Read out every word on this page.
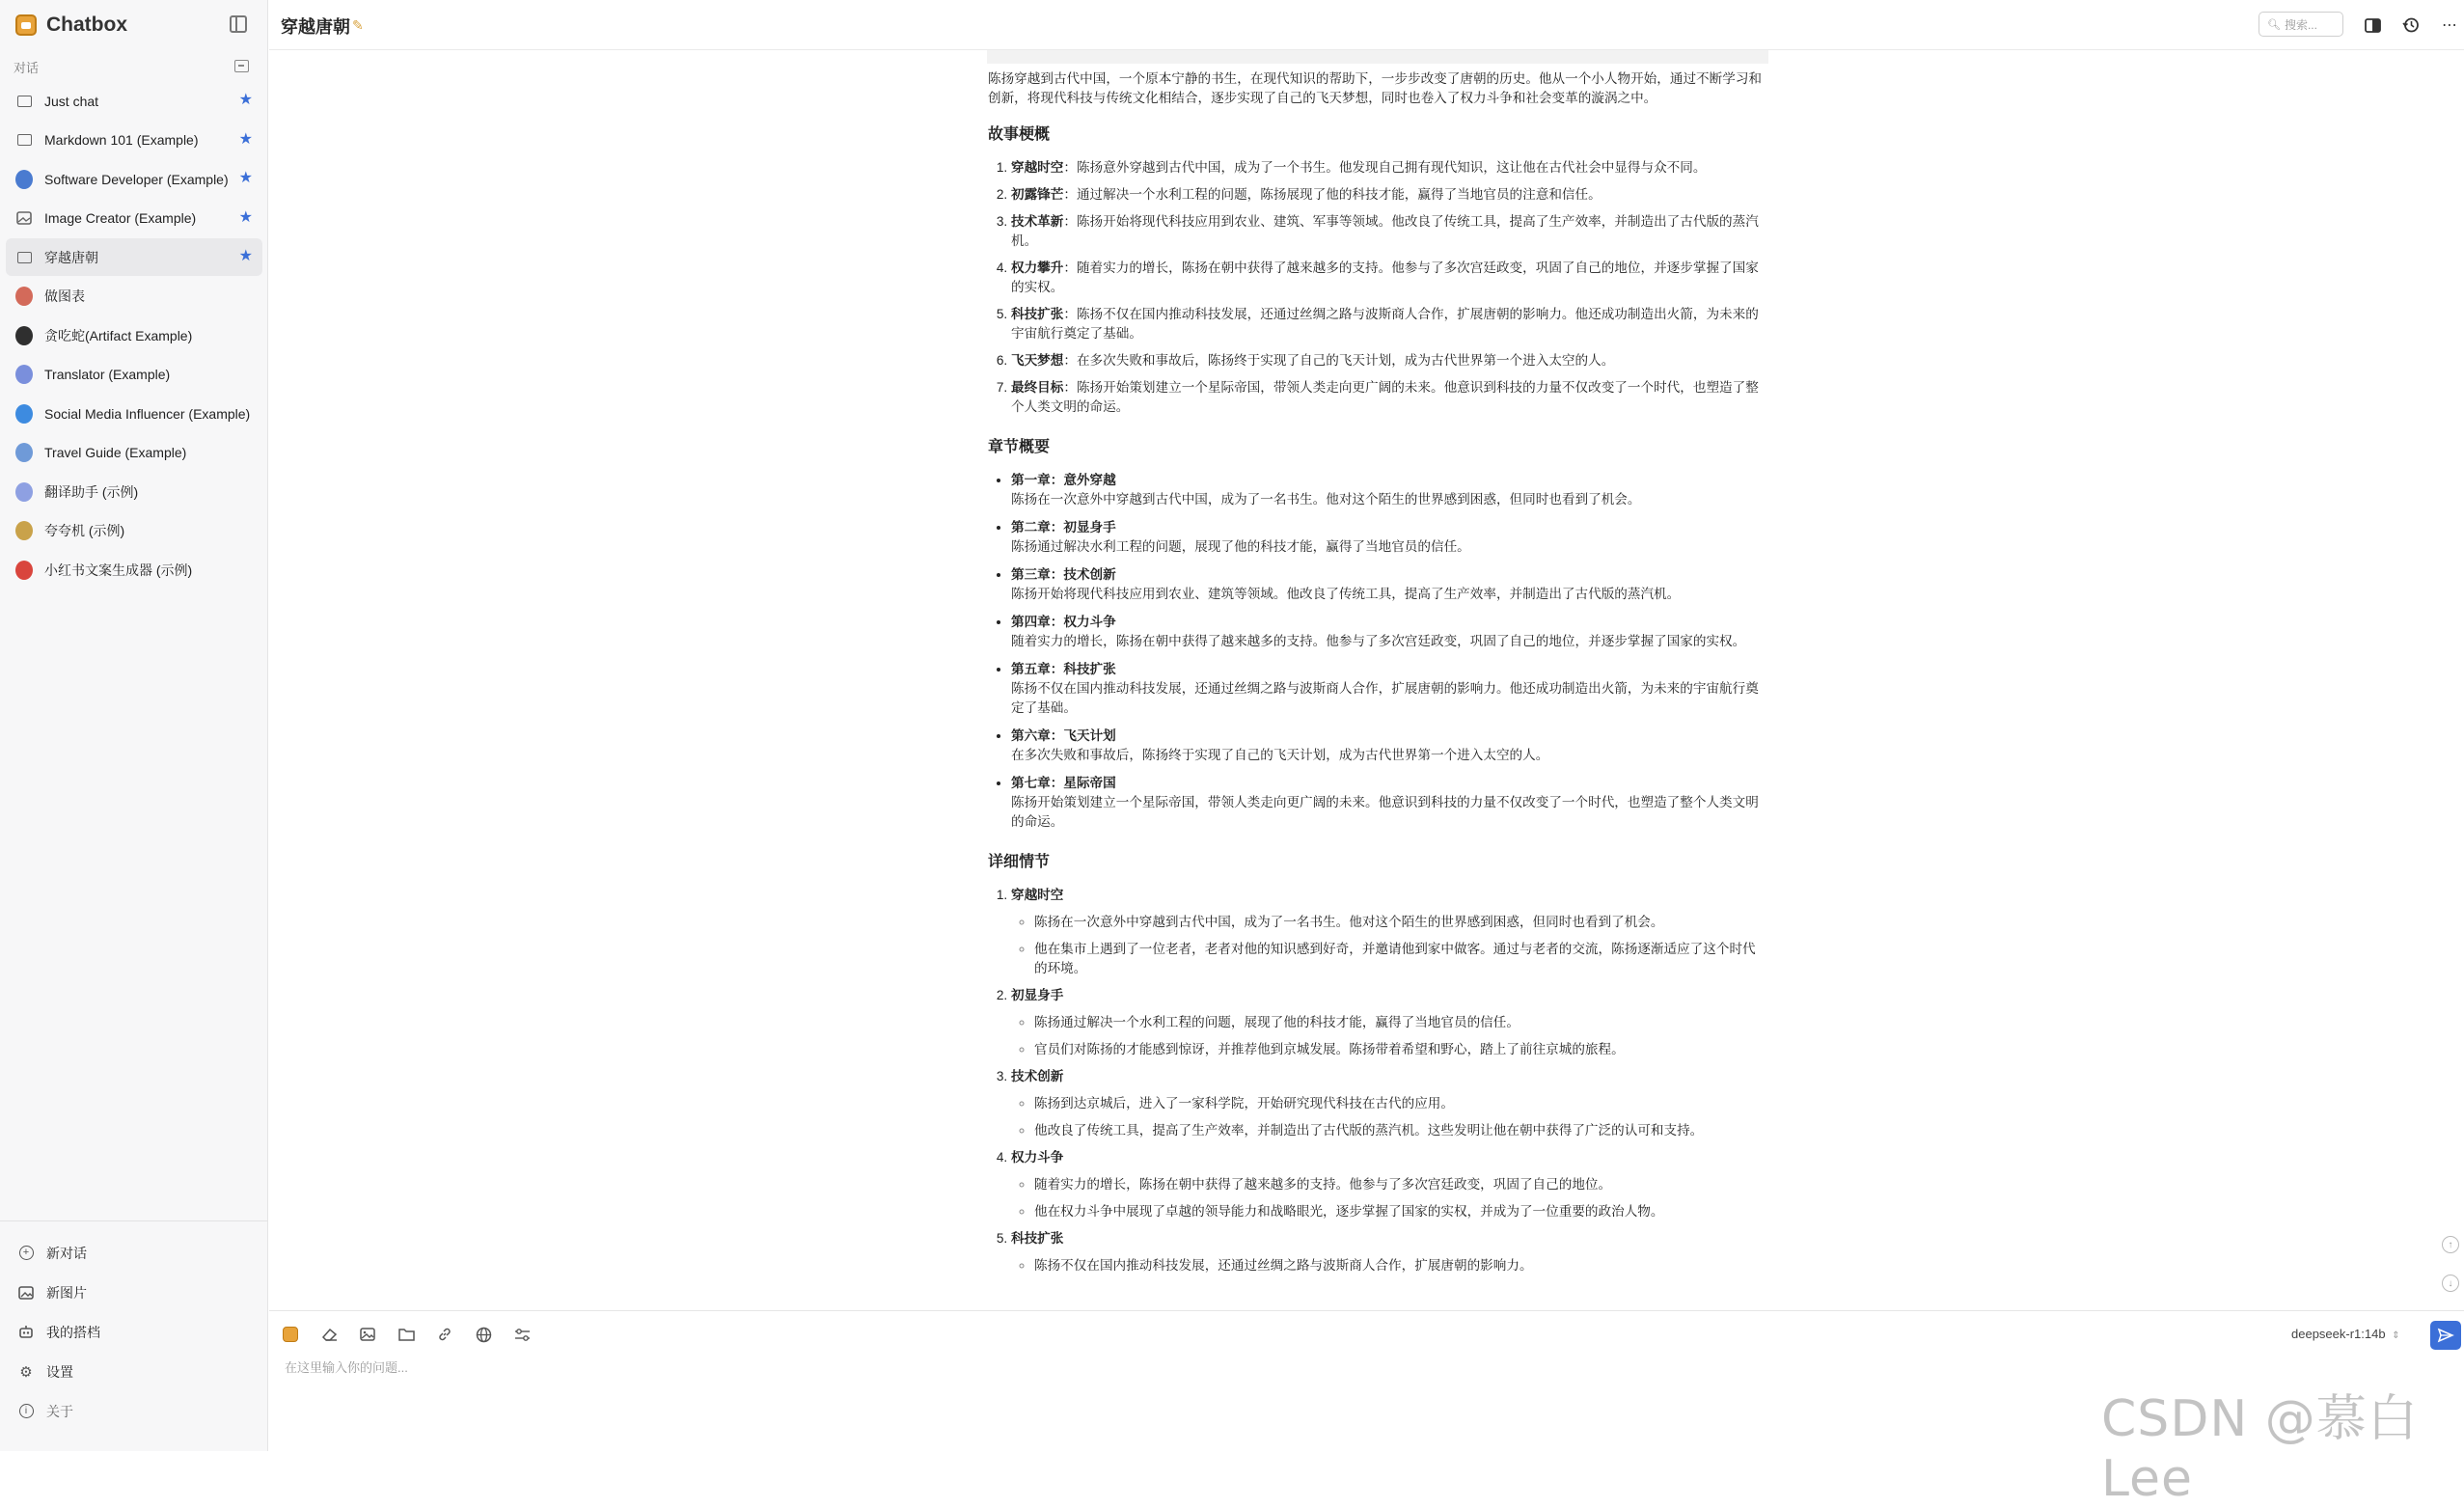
Chatbox
对话
Just chat	★
Markdown 101 (Example)	★
Software Developer (Example) ★
Image Creator (Example)	★
穿越唐朝	★
做图表
贪吃蛇(Artifact Example)
Translator (Example)
Social Media Influencer (Example)
Travel Guide (Example)
翻译助手 (示例)
夸夸机 (示例)
小红书文案生成器 (示例)
+	新对话
新图片
我的搭档
⚙ 设置
i	关于
穿越唐朝 ✎	🔍︎ 搜索...	⋯

陈扬穿越到古代中国，一个原本宁静的书生，在现代知识的帮助下，一步步改变了唐朝的历史。他从一个小人物开始，通过不断学习和创新，将现代科技与传统文化相结合，逐步实现了自己的飞天梦想，同时也卷入了权力斗争和社会变革的漩涡之中。

故事梗概
1. 穿越时空：陈扬意外穿越到古代中国，成为了一个书生。他发现自己拥有现代知识，这让他在古代社会中显得与众不同。
2. 初露锋芒：通过解决一个水利工程的问题，陈扬展现了他的科技才能，赢得了当地官员的注意和信任。
3. 技术革新：陈扬开始将现代科技应用到农业、建筑、军事等领域。他改良了传统工具，提高了生产效率，并制造出了古代版的蒸汽机。
4. 权力攀升：随着实力的增长，陈扬在朝中获得了越来越多的支持。他参与了多次宫廷政变，巩固了自己的地位，并逐步掌握了国家的实权。
5. 科技扩张：陈扬不仅在国内推动科技发展，还通过丝绸之路与波斯商人合作，扩展唐朝的影响力。他还成功制造出火箭，为未来的宇宙航行奠定了基础。
6. 飞天梦想：在多次失败和事故后，陈扬终于实现了自己的飞天计划，成为古代世界第一个进入太空的人。
7. 最终目标：陈扬开始策划建立一个星际帝国，带领人类走向更广阔的未来。他意识到科技的力量不仅改变了一个时代，也塑造了整个人类文明的命运。
章节概要
• 第一章：意外穿越
陈扬在一次意外中穿越到古代中国，成为了一名书生。他对这个陌生的世界感到困惑，但同时也看到了机会。
• 第二章：初显身手
陈扬通过解决水利工程的问题，展现了他的科技才能，赢得了当地官员的信任。
• 第三章：技术创新
陈扬开始将现代科技应用到农业、建筑等领域。他改良了传统工具，提高了生产效率，并制造出了古代版的蒸汽机。
• 第四章：权力斗争
随着实力的增长，陈扬在朝中获得了越来越多的支持。他参与了多次宫廷政变，巩固了自己的地位，并逐步掌握了国家的实权。
• 第五章：科技扩张
陈扬不仅在国内推动科技发展，还通过丝绸之路与波斯商人合作，扩展唐朝的影响力。他还成功制造出火箭，为未来的宇宙航行奠定了基础。
• 第六章：飞天计划
在多次失败和事故后，陈扬终于实现了自己的飞天计划，成为古代世界第一个进入太空的人。
• 第七章：星际帝国
陈扬开始策划建立一个星际帝国，带领人类走向更广阔的未来。他意识到科技的力量不仅改变了一个时代，也塑造了整个人类文明的命运。
详细情节
1. 穿越时空
◦ 陈扬在一次意外中穿越到古代中国，成为了一名书生。他对这个陌生的世界感到困惑，但同时也看到了机会。
◦ 他在集市上遇到了一位老者，老者对他的知识感到好奇，并邀请他到家中做客。通过与老者的交流，陈扬逐渐适应了这个时代的环境。
2. 初显身手
◦ 陈扬通过解决一个水利工程的问题，展现了他的科技才能，赢得了当地官员的信任。
◦ 官员们对陈扬的才能感到惊讶，并推荐他到京城发展。陈扬带着希望和野心，踏上了前往京城的旅程。
3. 技术创新
◦ 陈扬到达京城后，进入了一家科学院，开始研究现代科技在古代的应用。
◦ 他改良了传统工具，提高了生产效率，并制造出了古代版的蒸汽机。这些发明让他在朝中获得了广泛的认可和支持。
4. 权力斗争
◦ 随着实力的增长，陈扬在朝中获得了越来越多的支持。他参与了多次宫廷政变，巩固了自己的地位。
◦ 他在权力斗争中展现了卓越的领导能力和战略眼光，逐步掌握了国家的实权，并成为了一位重要的政治人物。
5. 科技扩张
◦ 陈扬不仅在国内推动科技发展，还通过丝绸之路与波斯商人合作，扩展唐朝的影响力。
↑
↓
deepseek-r1:14b ⇕
在这里输入你的问题...
CSDN @慕白Lee
